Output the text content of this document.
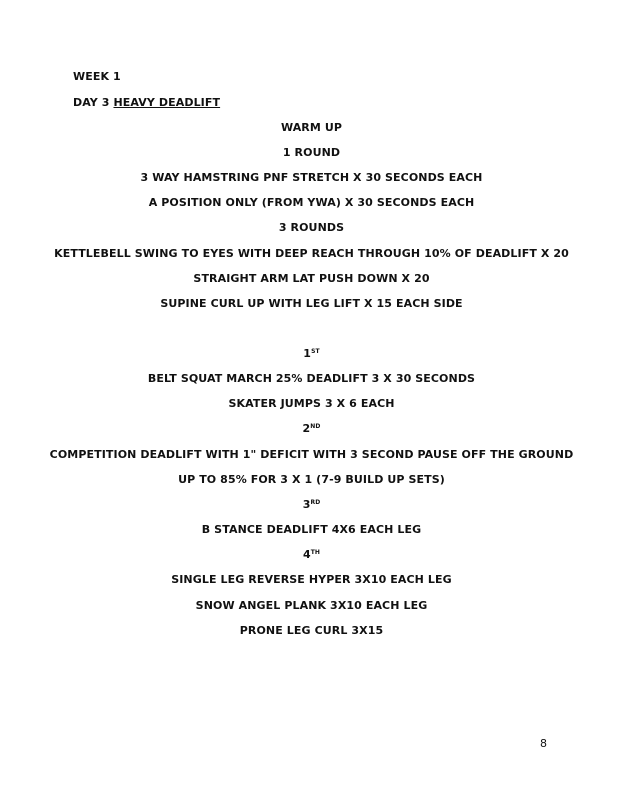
WEEK 1
DAY 3 HEAVY DEADLIFT
WARM UP
1 ROUND
3 WAY HAMSTRING PNF STRETCH X 30 SECONDS EACH
A POSITION ONLY (FROM YWA) X 30 SECONDS EACH
3 ROUNDS
KETTLEBELL SWING TO EYES WITH DEEP REACH THROUGH 10% OF DEADLIFT X 20
STRAIGHT ARM LAT PUSH DOWN X 20
SUPINE CURL UP WITH LEG LIFT X 15 EACH SIDE
1ST
BELT SQUAT MARCH 25% DEADLIFT 3 X 30 SECONDS
SKATER JUMPS 3 X 6 EACH
2ND
COMPETITION DEADLIFT WITH 1" DEFICIT WITH 3 SECOND PAUSE OFF THE GROUND
UP TO 85% FOR 3 X 1 (7-9 BUILD UP SETS)
3RD
B STANCE DEADLIFT 4X6 EACH LEG
4TH
SINGLE LEG REVERSE HYPER 3X10 EACH LEG
SNOW ANGEL PLANK 3X10 EACH LEG
PRONE LEG CURL 3X15
8
